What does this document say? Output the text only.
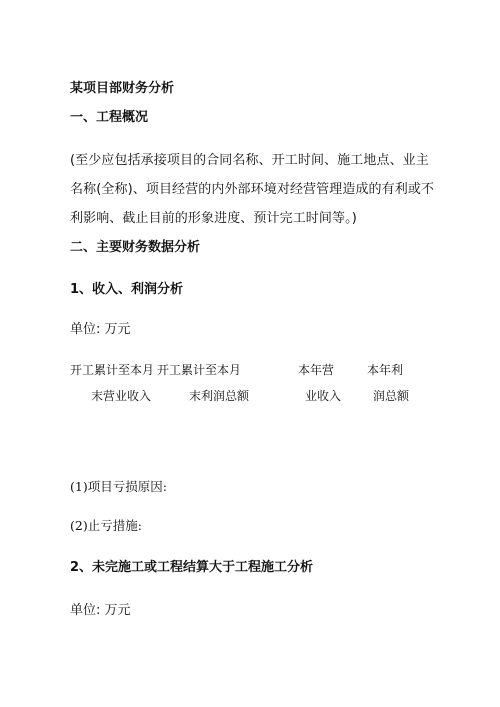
某项目部财务分析
一、工程概况
(至少应包括承接项目的合同名称、开工时间、施工地点、业主名称(全称)、项目经营的内外部环境对经营管理造成的有利或不利影响、截止目前的形象进度、预计完工时间等。)
二、主要财务数据分析
1、收入、利润分析
单位: 万元
开工累计至本月 开工累计至本月	本年营	本年利
末营业收入	末利润总额	业收入	润总额
(1)项目亏损原因:
(2)止亏措施:
2、未完施工或工程结算大于工程施工分析
单位: 万元
